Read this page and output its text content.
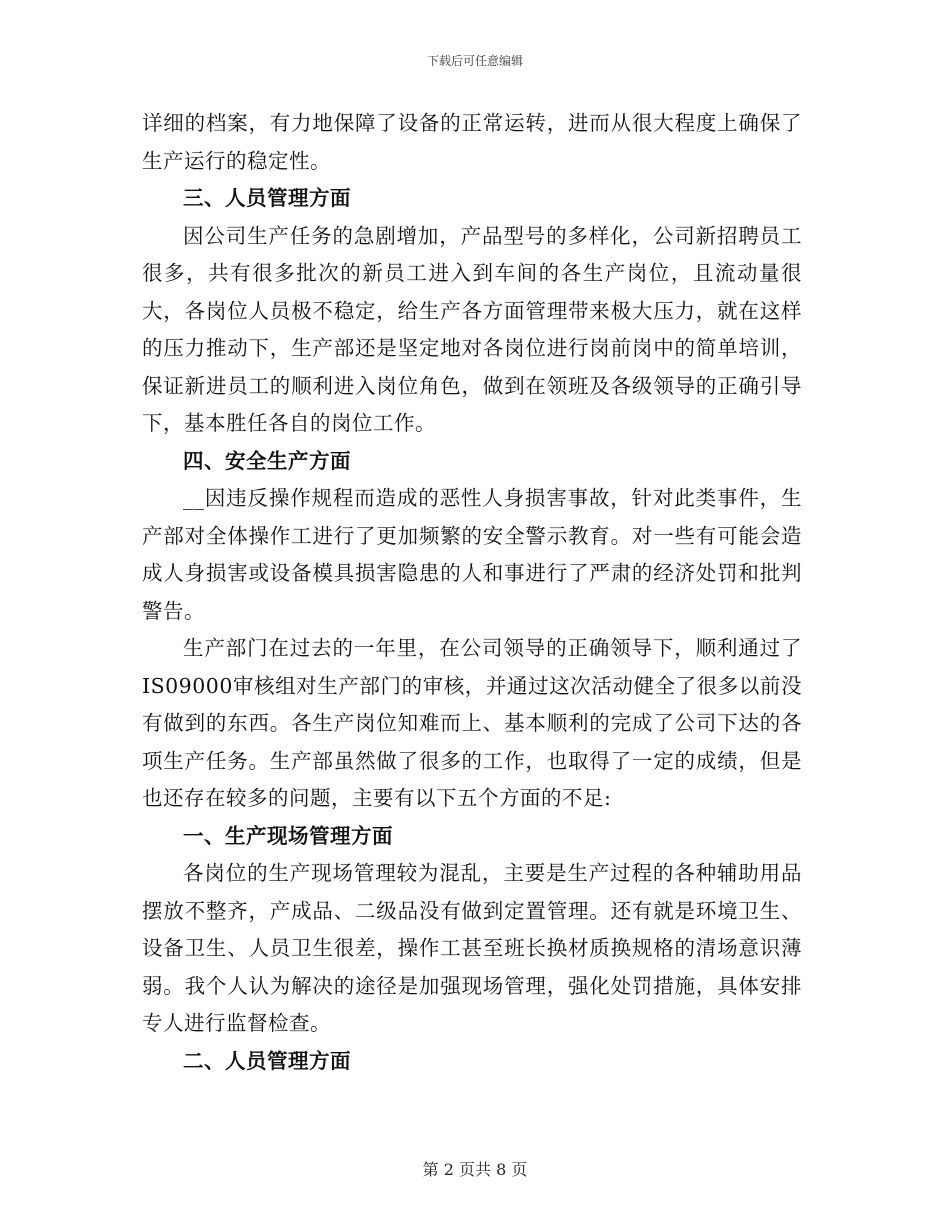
下载后可任意编辑

详细的档案，有力地保障了设备的正常运转，进而从很大程度上确保了生产运行的稳定性。

三、人员管理方面

因公司生产任务的急剧增加，产品型号的多样化，公司新招聘员工很多，共有很多批次的新员工进入到车间的各生产岗位，且流动量很大，各岗位人员极不稳定，给生产各方面管理带来极大压力，就在这样的压力推动下，生产部还是坚定地对各岗位进行岗前岗中的简单培训，保证新进员工的顺利进入岗位角色，做到在领班及各级领导的正确引导下，基本胜任各自的岗位工作。

四、安全生产方面

__因违反操作规程而造成的恶性人身损害事故，针对此类事件，生产部对全体操作工进行了更加频繁的安全警示教育。对一些有可能会造成人身损害或设备模具损害隐患的人和事进行了严肃的经济处罚和批判警告。

生产部门在过去的一年里，在公司领导的正确领导下，顺利通过了IS09000审核组对生产部门的审核，并通过这次活动健全了很多以前没有做到的东西。各生产岗位知难而上、基本顺利的完成了公司下达的各项生产任务。生产部虽然做了很多的工作，也取得了一定的成绩，但是也还存在较多的问题，主要有以下五个方面的不足:

一、生产现场管理方面

各岗位的生产现场管理较为混乱，主要是生产过程的各种辅助用品摆放不整齐，产成品、二级品没有做到定置管理。还有就是环境卫生、设备卫生、人员卫生很差，操作工甚至班长换材质换规格的清场意识薄弱。我个人认为解决的途径是加强现场管理，强化处罚措施，具体安排专人进行监督检查。

二、人员管理方面

第 2 页共 8 页
